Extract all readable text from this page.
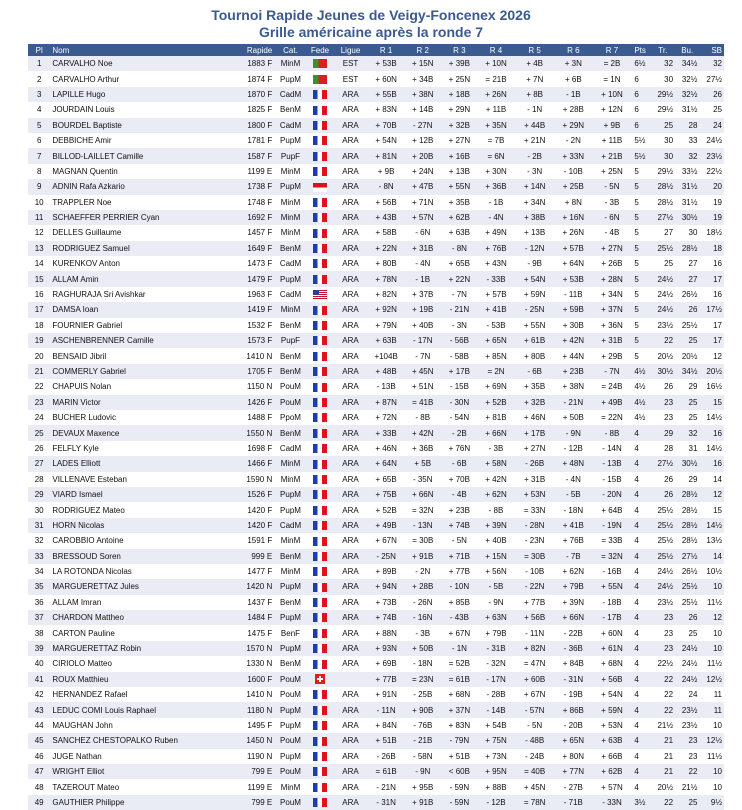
Tournoi Rapide Jeunes de Veigy-Foncenex 2026
Grille américaine après la ronde 7
Pl	Nom	Rapide	Cat.	Fede	Ligue	R 1	R 2	R 3	R 4	R 5	R 6	R 7	Pts	Tr.	Bu.	SB
1	CARVALHO Noe	1883 F	MinM		EST	+ 53B	+ 15N	+ 39B	+ 10N	+ 4B	+ 3N	= 2B	6½	32	34½	32
2	CARVALHO Arthur	1874 F	PupM		EST	+ 60N	+ 34B	+ 25N	= 21B	+ 7N	+ 6B	= 1N	6	30	32½	27½
3	LAPILLE Hugo	1870 F	CadM		ARA	+ 55B	+ 38N	+ 18B	+ 26N	+ 8B	- 1B	+ 10N	6	29½	32½	26
4	JOURDAIN Louis	1825 F	BenM		ARA	+ 83N	+ 14B	+ 29N	+ 11B	- 1N	+ 28B	+ 12N	6	29½	31½	25
5	BOURDEL Baptiste	1800 F	CadM		ARA	+ 70B	- 27N	+ 32B	+ 35N	+ 44B	+ 29N	+ 9B	6	25	28	24
6	DEBBICHE Amir	1781 F	PupM		ARA	+ 54N	+ 12B	+ 27N	= 7B	+ 21N	- 2N	+ 11B	5½	30	33	24½
7	BILLOD-LAILLET Camille	1587 F	PupF		ARA	+ 81N	+ 20B	+ 16B	= 6N	- 2B	+ 33N	+ 21B	5½	30	32	23½
8	MAGNAN Quentin	1199 E	MinM		ARA	+ 9B	+ 24N	+ 13B	+ 30N	- 3N	- 10B	+ 25N	5	29½	33½	22½
9	ADNIN Rafa Azkario	1738 F	PupM		ARA	- 8N	+ 47B	+ 55N	+ 36B	+ 14N	+ 25B	- 5N	5	28½	31½	20
10	TRAPPLER Noe	1748 F	MinM		ARA	+ 56B	+ 71N	+ 35B	- 1B	+ 34N	+ 8N	- 3B	5	28½	31½	19
11	SCHAEFFER PERRIER Cyan	1692 F	MinM		ARA	+ 43B	+ 57N	+ 62B	- 4N	+ 38B	+ 16N	- 6N	5	27½	30½	19
12	DELLES Guillaume	1457 F	MinM		ARA	+ 58B	- 6N	+ 63B	+ 49N	+ 13B	+ 26N	- 4B	5	27	30	18½
13	RODRIGUEZ Samuel	1649 F	BenM		ARA	+ 22N	+ 31B	- 8N	+ 76B	- 12N	+ 57B	+ 27N	5	25½	28½	18
14	KURENKOV Anton	1473 F	CadM		ARA	+ 80B	- 4N	+ 65B	+ 43N	- 9B	+ 64N	+ 26B	5	25	27	16
15	ALLAM Amin	1479 F	PupM		ARA	+ 78N	- 1B	+ 22N	- 33B	+ 54N	+ 53B	+ 28N	5	24½	27	17
16	RAGHURAJA Sri Avishkar	1963 F	CadM		ARA	+ 82N	+ 37B	- 7N	+ 57B	+ 59N	- 11B	+ 34N	5	24½	26½	16
17	DAMSA Ioan	1419 F	MinM		ARA	+ 92N	+ 19B	- 21N	+ 41B	- 25N	+ 59B	+ 37N	5	24½	26	17½
18	FOURNIER Gabriel	1532 F	BenM		ARA	+ 79N	+ 40B	- 3N	- 53B	+ 55N	+ 30B	+ 36N	5	23½	25½	17
19	ASCHENBRENNER Camille	1573 F	PupF		ARA	+ 63B	- 17N	- 56B	+ 65N	+ 61B	+ 42N	+ 31B	5	22	25	17
20	BENSAID Jibril	1410 N	BenM		ARA	+104B	- 7N	- 58B	+ 85N	+ 80B	+ 44N	+ 29B	5	20½	20½	12
21	COMMERLY Gabriel	1705 F	BenM		ARA	+ 48B	+ 45N	+ 17B	= 2N	- 6B	+ 23B	- 7N	4½	30½	34½	20½
22	CHAPUIS Nolan	1150 N	PouM		ARA	- 13B	+ 51N	- 15B	+ 69N	+ 35B	+ 38N	= 24B	4½	26	29	16½
23	MARIN Victor	1426 F	PouM		ARA	+ 87N	= 41B	- 30N	+ 52B	+ 32B	- 21N	+ 49B	4½	23	25	15
24	BUCHER Ludovic	1488 F	PpoM		ARA	+ 72N	- 8B	- 54N	+ 81B	+ 46N	+ 50B	= 22N	4½	23	25	14½
25	DEVAUX Maxence	1550 N	BenM		ARA	+ 33B	+ 42N	- 2B	+ 66N	+ 17B	- 9N	- 8B	4	29	32	16
26	FELFLY Kyle	1698 F	CadM		ARA	+ 46N	+ 36B	+ 76N	- 3B	+ 27N	- 12B	- 14N	4	28	31	14½
27	LADES Elliott	1466 F	MinM		ARA	+ 64N	+ 5B	- 6B	+ 58N	- 26B	+ 48N	- 13B	4	27½	30½	16
28	VILLENAVE Esteban	1590 N	MinM		ARA	+ 65B	- 35N	+ 70B	+ 42N	+ 31B	- 4N	- 15B	4	26	29	14
29	VIARD Ismael	1526 F	PupM		ARA	+ 75B	+ 66N	- 4B	+ 62N	+ 53N	- 5B	- 20N	4	26	28½	12
30	RODRIGUEZ Mateo	1420 F	PupM		ARA	+ 52B	= 32N	+ 23B	- 8B	= 33N	- 18N	+ 64B	4	25½	28½	15
31	HORN Nicolas	1420 F	CadM		ARA	+ 49B	- 13N	+ 74B	+ 39N	- 28N	+ 41B	- 19N	4	25½	28½	14½
32	CAROBBIO Antoine	1591 F	MinM		ARA	+ 67N	= 30B	- 5N	+ 40B	- 23N	+ 76B	= 33B	4	25½	28½	13½
33	BRESSOUD Soren	999 E	BenM		ARA	- 25N	+ 91B	+ 71B	+ 15N	= 30B	- 7B	= 32N	4	25½	27½	14
34	LA ROTONDA Nicolas	1477 F	MinM		ARA	+ 89B	- 2N	+ 77B	+ 56N	- 10B	+ 62N	- 16B	4	24½	26½	10½
35	MARGUERETTAZ Jules	1420 N	PupM		ARA	+ 94N	+ 28B	- 10N	- 5B	- 22N	+ 79B	+ 55N	4	24½	25½	10
36	ALLAM Imran	1437 F	BenM		ARA	+ 73B	- 26N	+ 85B	- 9N	+ 77B	+ 39N	- 18B	4	23½	25½	11½
37	CHARDON Mattheo	1484 F	PupM		ARA	+ 74B	- 16N	- 43B	+ 63N	+ 56B	+ 66N	- 17B	4	23	26	12
38	CARTON Pauline	1475 F	BenF		ARA	+ 88N	- 3B	+ 67N	+ 79B	- 11N	- 22B	+ 60N	4	23	25	10
39	MARGUERETTAZ Robin	1570 N	PupM		ARA	+ 93N	+ 50B	- 1N	- 31B	+ 82N	- 36B	+ 61N	4	23	24½	10
40	CIRIOLO Matteo	1330 N	BenM		ARA	+ 69B	- 18N	= 52B	- 32N	= 47N	+ 84B	+ 68N	4	22½	24½	11½
41	ROUX Matthieu	1600 F	PouM			+ 77B	= 23N	= 61B	- 17N	+ 60B	- 31N	+ 56B	4	22	24½	12½
42	HERNANDEZ Rafael	1410 N	PouM		ARA	+ 91N	- 25B	+ 68N	- 28B	+ 67N	- 19B	+ 54N	4	22	24	11
43	LEDUC COMI Louis Raphael	1180 N	PupM		ARA	- 11N	+ 90B	+ 37N	- 14B	- 57N	+ 86B	+ 59N	4	22	23½	11
44	MAUGHAN John	1495 F	PupM		ARA	+ 84N	- 76B	+ 83N	+ 54B	- 5N	- 20B	+ 53N	4	21½	23½	10
45	SANCHEZ CHESTOPALKO Ruben	1450 N	PouM		ARA	+ 51B	- 21B	- 79N	+ 75N	- 48B	+ 65N	+ 63B	4	21	23	12½
46	JUGE Nathan	1190 N	PupM		ARA	- 26B	- 58N	+ 51B	+ 73N	- 24B	+ 80N	+ 66B	4	21	23	11½
47	WRIGHT Elliot	799 E	PouM		ARA	= 61B	- 9N	< 60B	+ 95N	= 40B	+ 77N	+ 62B	4	21	22	10
48	TAZEROUT Mateo	1199 E	MinM		ARA	- 21N	+ 95B	- 59N	+ 88B	+ 45N	- 27B	+ 57N	4	20½	21½	10
49	GAUTHIER Philippe	799 E	PouM		ARA	- 31N	+ 91B	- 59N	- 12B	= 78N	- 71B	- 33N	3½	22	25	9½
